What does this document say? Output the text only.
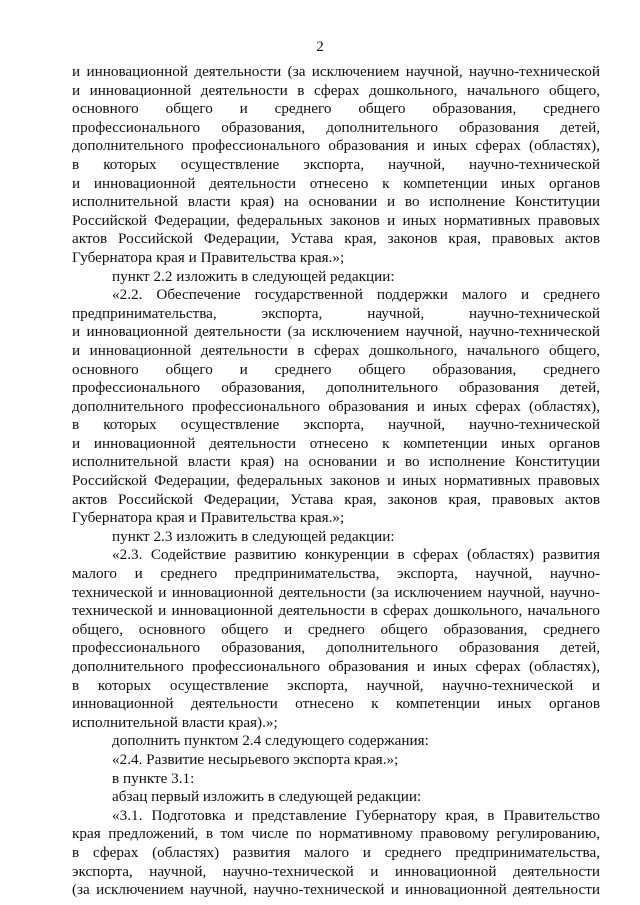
2
и инновационной деятельности (за исключением научной, научно-технической
и инновационной деятельности в сферах дошкольного, начального общего,
основного общего и среднего общего образования, среднего
профессионального образования, дополнительного образования детей,
дополнительного профессионального образования и иных сферах (областях),
в которых осуществление экспорта, научной, научно-технической
и инновационной деятельности отнесено к компетенции иных органов
исполнительной власти края) на основании и во исполнение Конституции
Российской Федерации, федеральных законов и иных нормативных правовых
актов Российской Федерации, Устава края, законов края, правовых актов
Губернатора края и Правительства края.»;
пункт 2.2 изложить в следующей редакции:
«2.2. Обеспечение государственной поддержки малого и среднего
предпринимательства, экспорта, научной, научно-технической
и инновационной деятельности (за исключением научной, научно-технической
и инновационной деятельности в сферах дошкольного, начального общего,
основного общего и среднего общего образования, среднего
профессионального образования, дополнительного образования детей,
дополнительного профессионального образования и иных сферах (областях),
в которых осуществление экспорта, научной, научно-технической
и инновационной деятельности отнесено к компетенции иных органов
исполнительной власти края) на основании и во исполнение Конституции
Российской Федерации, федеральных законов и иных нормативных правовых
актов Российской Федерации, Устава края, законов края, правовых актов
Губернатора края и Правительства края.»;
пункт 2.3 изложить в следующей редакции:
«2.3. Содействие развитию конкуренции в сферах (областях) развития
малого и среднего предпринимательства, экспорта, научной, научно-
технической и инновационной деятельности (за исключением научной, научно-
технической и инновационной деятельности в сферах дошкольного, начального
общего, основного общего и среднего общего образования, среднего
профессионального образования, дополнительного образования детей,
дополнительного профессионального образования и иных сферах (областях),
в которых осуществление экспорта, научной, научно-технической и
инновационной деятельности отнесено к компетенции иных органов
исполнительной власти края).»;
дополнить пунктом 2.4 следующего содержания:
«2.4. Развитие несырьевого экспорта края.»;
в пункте 3.1:
абзац первый изложить в следующей редакции:
«3.1. Подготовка и представление Губернатору края, в Правительство
края предложений, в том числе по нормативному правовому регулированию,
в сферах (областях) развития малого и среднего предпринимательства,
экспорта, научной, научно-технической и инновационной деятельности
(за исключением научной, научно-технической и инновационной деятельности
